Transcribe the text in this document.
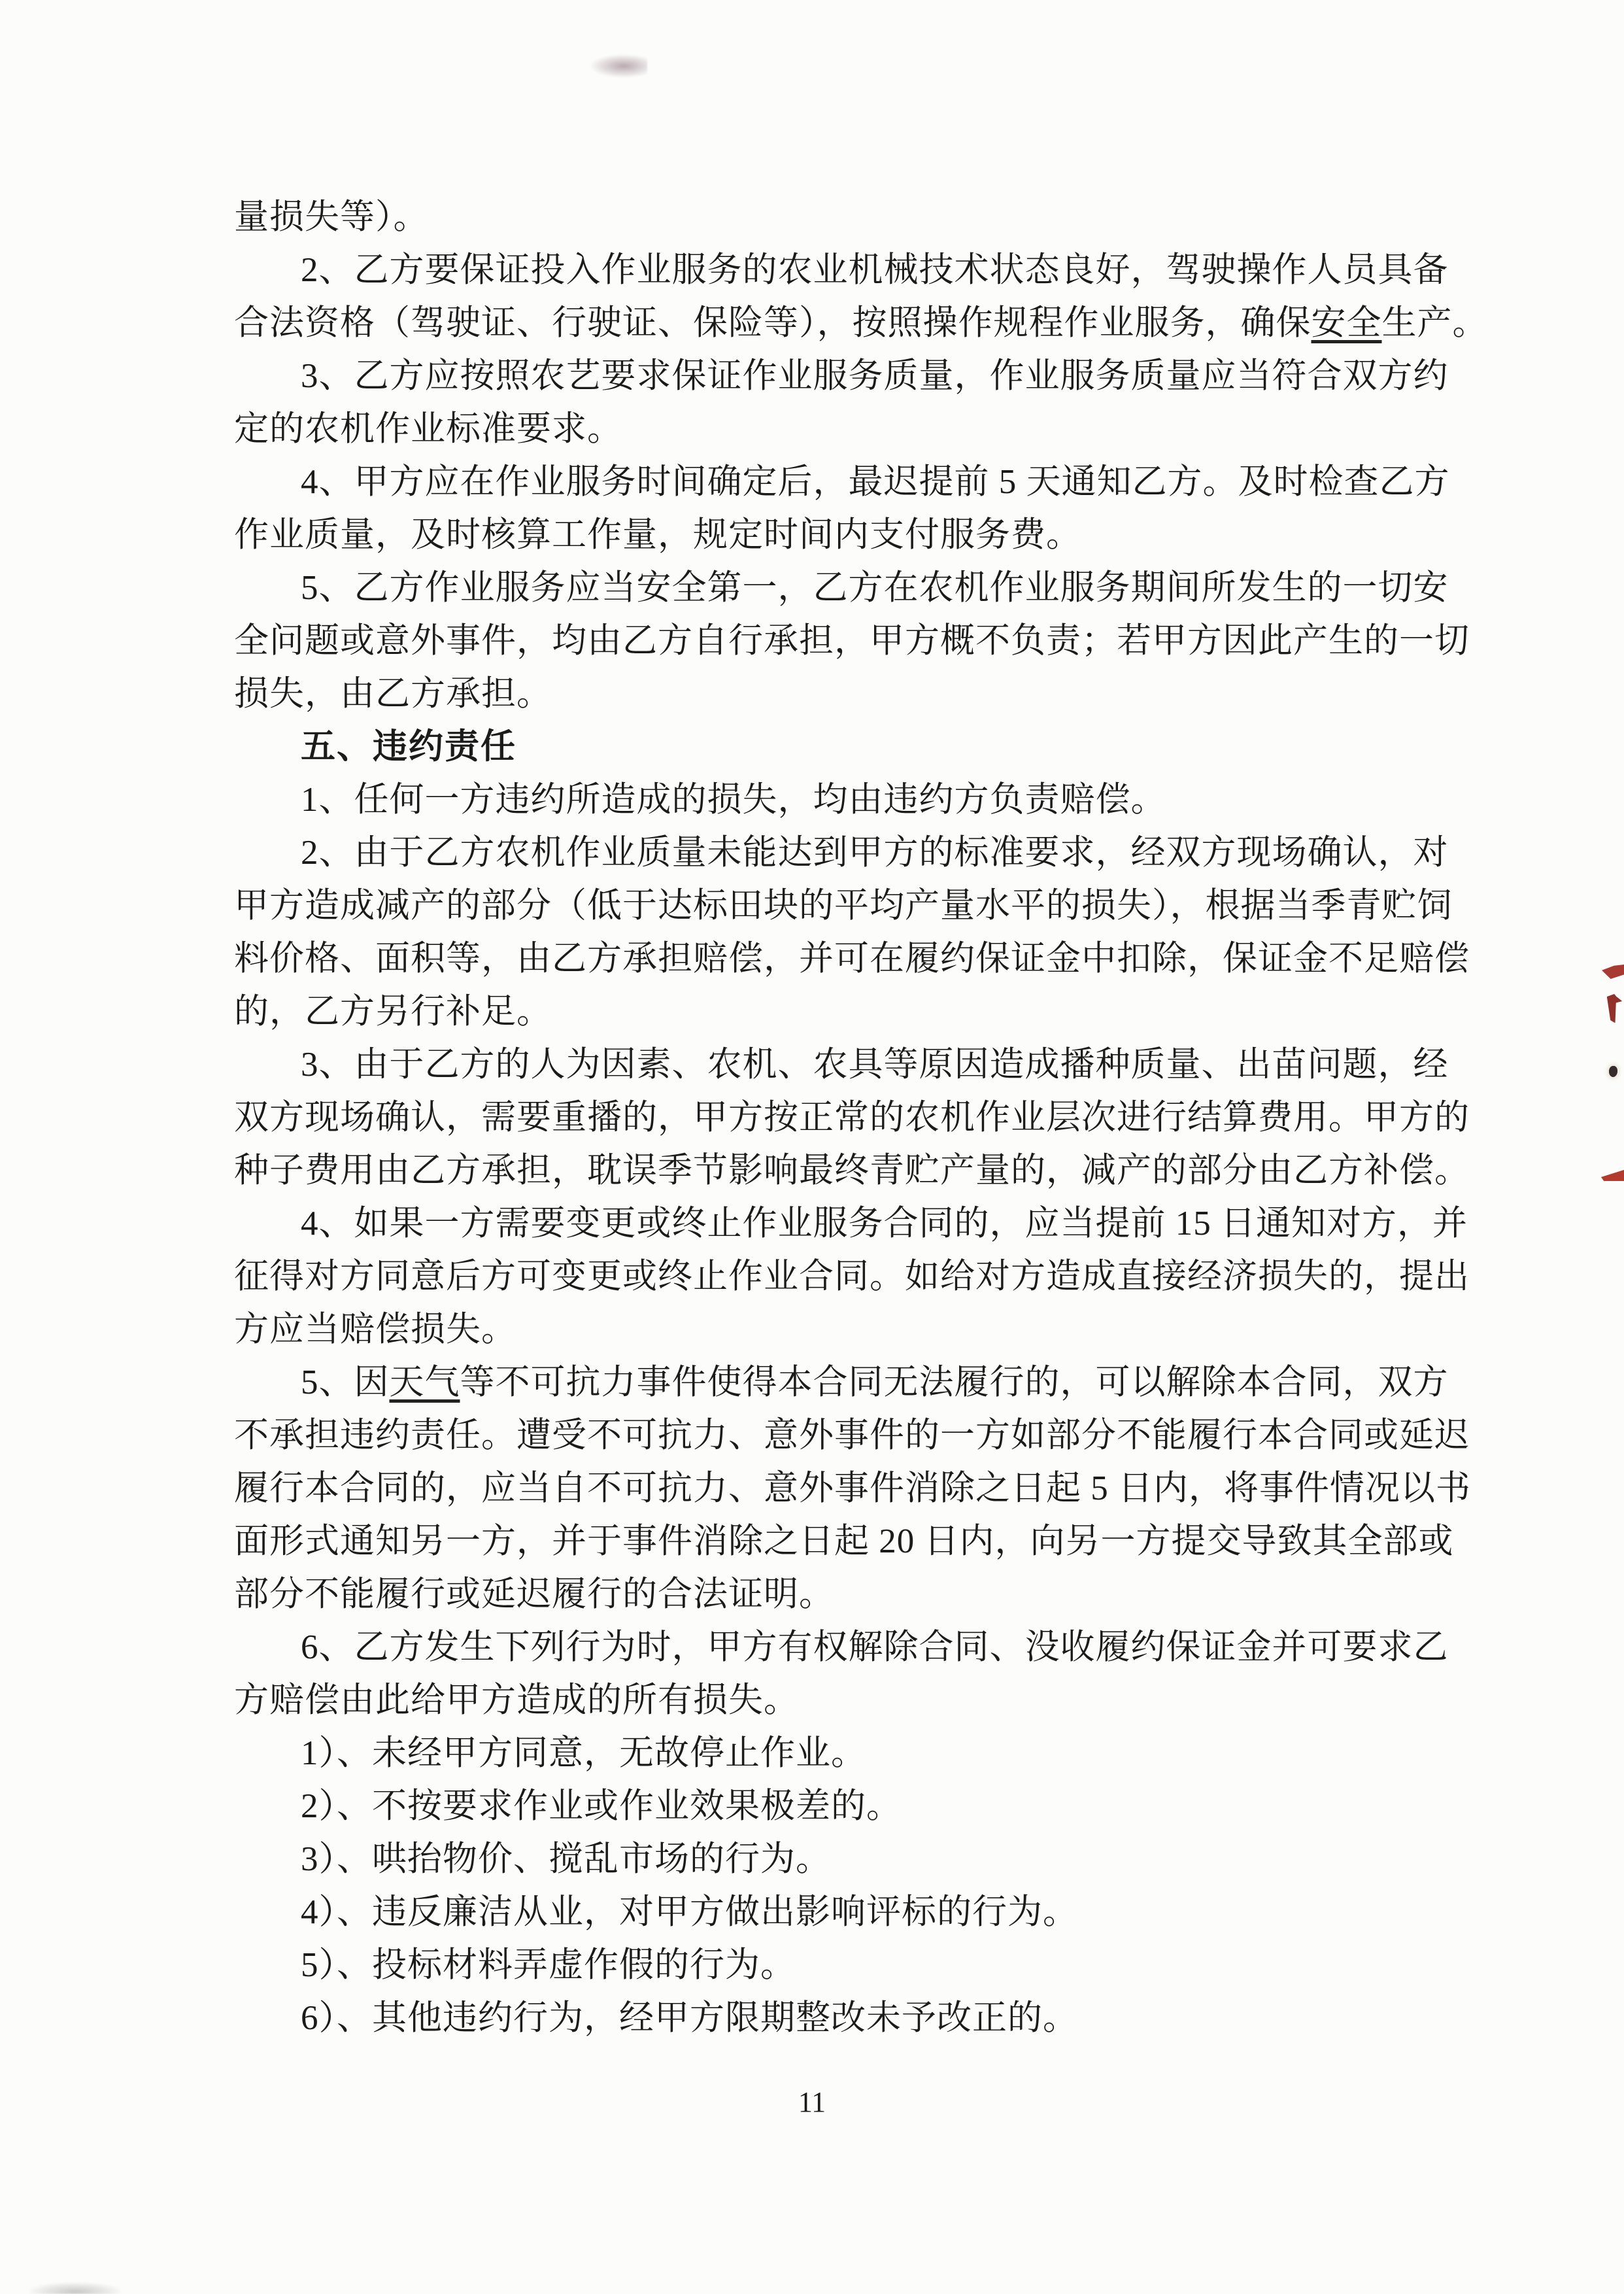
量损失等）。
2、乙方要保证投入作业服务的农业机械技术状态良好，驾驶操作人员具备
合法资格（驾驶证、行驶证、保险等），按照操作规程作业服务，确保安全生产。
3、乙方应按照农艺要求保证作业服务质量，作业服务质量应当符合双方约
定的农机作业标准要求。
4、甲方应在作业服务时间确定后，最迟提前 5 天通知乙方。及时检查乙方
作业质量，及时核算工作量，规定时间内支付服务费。
5、乙方作业服务应当安全第一，乙方在农机作业服务期间所发生的一切安
全问题或意外事件，均由乙方自行承担，甲方概不负责；若甲方因此产生的一切
损失，由乙方承担。
五、违约责任
1、任何一方违约所造成的损失，均由违约方负责赔偿。
2、由于乙方农机作业质量未能达到甲方的标准要求，经双方现场确认，对
甲方造成减产的部分（低于达标田块的平均产量水平的损失），根据当季青贮饲
料价格、面积等，由乙方承担赔偿，并可在履约保证金中扣除，保证金不足赔偿
的，乙方另行补足。
3、由于乙方的人为因素、农机、农具等原因造成播种质量、出苗问题，经
双方现场确认，需要重播的，甲方按正常的农机作业层次进行结算费用。甲方的
种子费用由乙方承担，耽误季节影响最终青贮产量的，减产的部分由乙方补偿。
4、如果一方需要变更或终止作业服务合同的，应当提前 15 日通知对方，并
征得对方同意后方可变更或终止作业合同。如给对方造成直接经济损失的，提出
方应当赔偿损失。
5、因天气等不可抗力事件使得本合同无法履行的，可以解除本合同，双方
不承担违约责任。遭受不可抗力、意外事件的一方如部分不能履行本合同或延迟
履行本合同的，应当自不可抗力、意外事件消除之日起 5 日内，将事件情况以书
面形式通知另一方，并于事件消除之日起 20 日内，向另一方提交导致其全部或
部分不能履行或延迟履行的合法证明。
6、乙方发生下列行为时，甲方有权解除合同、没收履约保证金并可要求乙
方赔偿由此给甲方造成的所有损失。
1）、未经甲方同意，无故停止作业。
2）、不按要求作业或作业效果极差的。
3）、哄抬物价、搅乱市场的行为。
4）、违反廉洁从业，对甲方做出影响评标的行为。
5）、投标材料弄虚作假的行为。
6）、其他违约行为，经甲方限期整改未予改正的。
11
